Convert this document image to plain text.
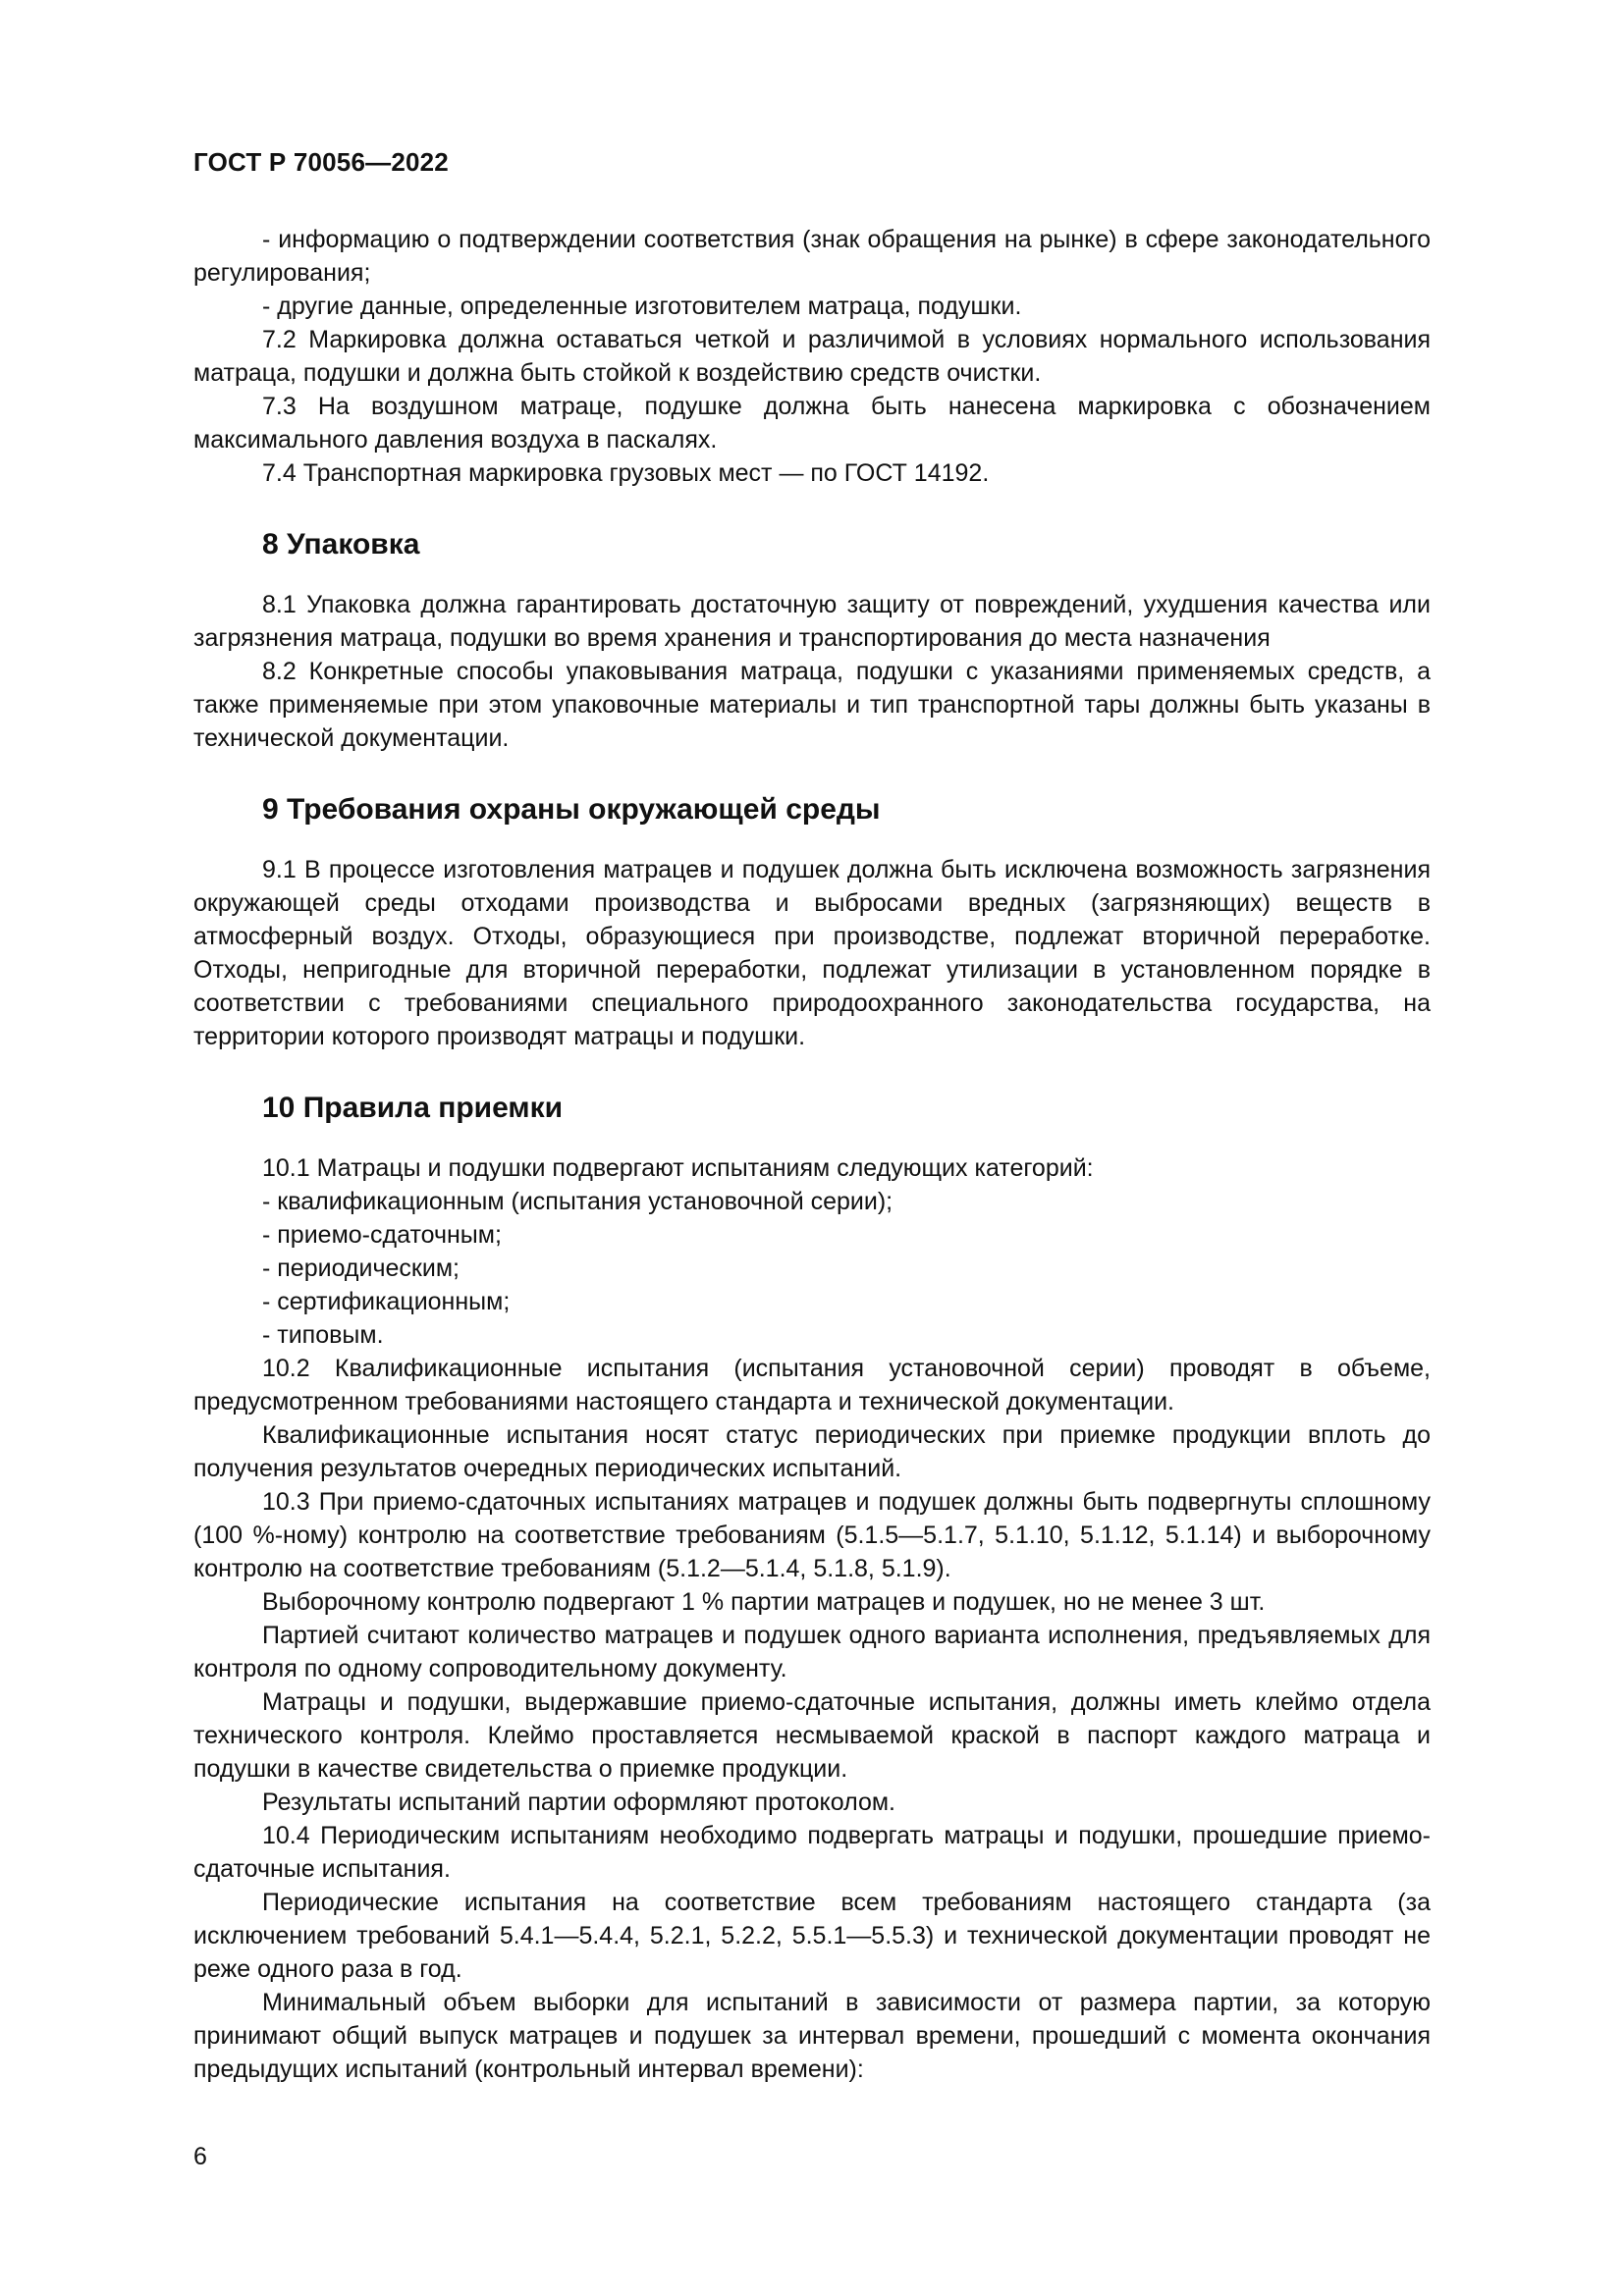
ГОСТ Р 70056—2022

- информацию о подтверждении соответствия (знак обращения на рынке) в сфере законодательного регулирования;

- другие данные, определенные изготовителем матраца, подушки.

7.2 Маркировка должна оставаться четкой и различимой в условиях нормального использования матраца, подушки и должна быть стойкой к воздействию средств очистки.

7.3 На воздушном матраце, подушке должна быть нанесена маркировка с обозначением максимального давления воздуха в паскалях.

7.4 Транспортная маркировка грузовых мест — по ГОСТ 14192.

8 Упаковка

8.1 Упаковка должна гарантировать достаточную защиту от повреждений, ухудшения качества или загрязнения матраца, подушки во время хранения и транспортирования до места назначения

8.2 Конкретные способы упаковывания матраца, подушки с указаниями применяемых средств, а также применяемые при этом упаковочные материалы и тип транспортной тары должны быть указаны в технической документации.

9 Требования охраны окружающей среды

9.1 В процессе изготовления матрацев и подушек должна быть исключена возможность загрязнения окружающей среды отходами производства и выбросами вредных (загрязняющих) веществ в атмосферный воздух. Отходы, образующиеся при производстве, подлежат вторичной переработке. Отходы, непригодные для вторичной переработки, подлежат утилизации в установленном порядке в соответствии с требованиями специального природоохранного законодательства государства, на территории которого производят матрацы и подушки.

10 Правила приемки

10.1 Матрацы и подушки подвергают испытаниям следующих категорий:

- квалификационным (испытания установочной серии);

- приемо-сдаточным;

- периодическим;

- сертификационным;

- типовым.

10.2 Квалификационные испытания (испытания установочной серии) проводят в объеме, предусмотренном требованиями настоящего стандарта и технической документации.

Квалификационные испытания носят статус периодических при приемке продукции вплоть до получения результатов очередных периодических испытаний.

10.3 При приемо-сдаточных испытаниях матрацев и подушек должны быть подвергнуты сплошному (100 %-ному) контролю на соответствие требованиям (5.1.5—5.1.7, 5.1.10, 5.1.12, 5.1.14) и выборочному контролю на соответствие требованиям (5.1.2—5.1.4, 5.1.8, 5.1.9).

Выборочному контролю подвергают 1 % партии матрацев и подушек, но не менее 3 шт.

Партией считают количество матрацев и подушек одного варианта исполнения, предъявляемых для контроля по одному сопроводительному документу.

Матрацы и подушки, выдержавшие приемо-сдаточные испытания, должны иметь клеймо отдела технического контроля. Клеймо проставляется несмываемой краской в паспорт каждого матраца и подушки в качестве свидетельства о приемке продукции.

Результаты испытаний партии оформляют протоколом.

10.4 Периодическим испытаниям необходимо подвергать матрацы и подушки, прошедшие приемо-сдаточные испытания.

Периодические испытания на соответствие всем требованиям настоящего стандарта (за исключением требований 5.4.1—5.4.4, 5.2.1, 5.2.2, 5.5.1—5.5.3) и технической документации проводят не реже одного раза в год.

Минимальный объем выборки для испытаний в зависимости от размера партии, за которую принимают общий выпуск матрацев и подушек за интервал времени, прошедший с момента окончания предыдущих испытаний (контрольный интервал времени):

6
